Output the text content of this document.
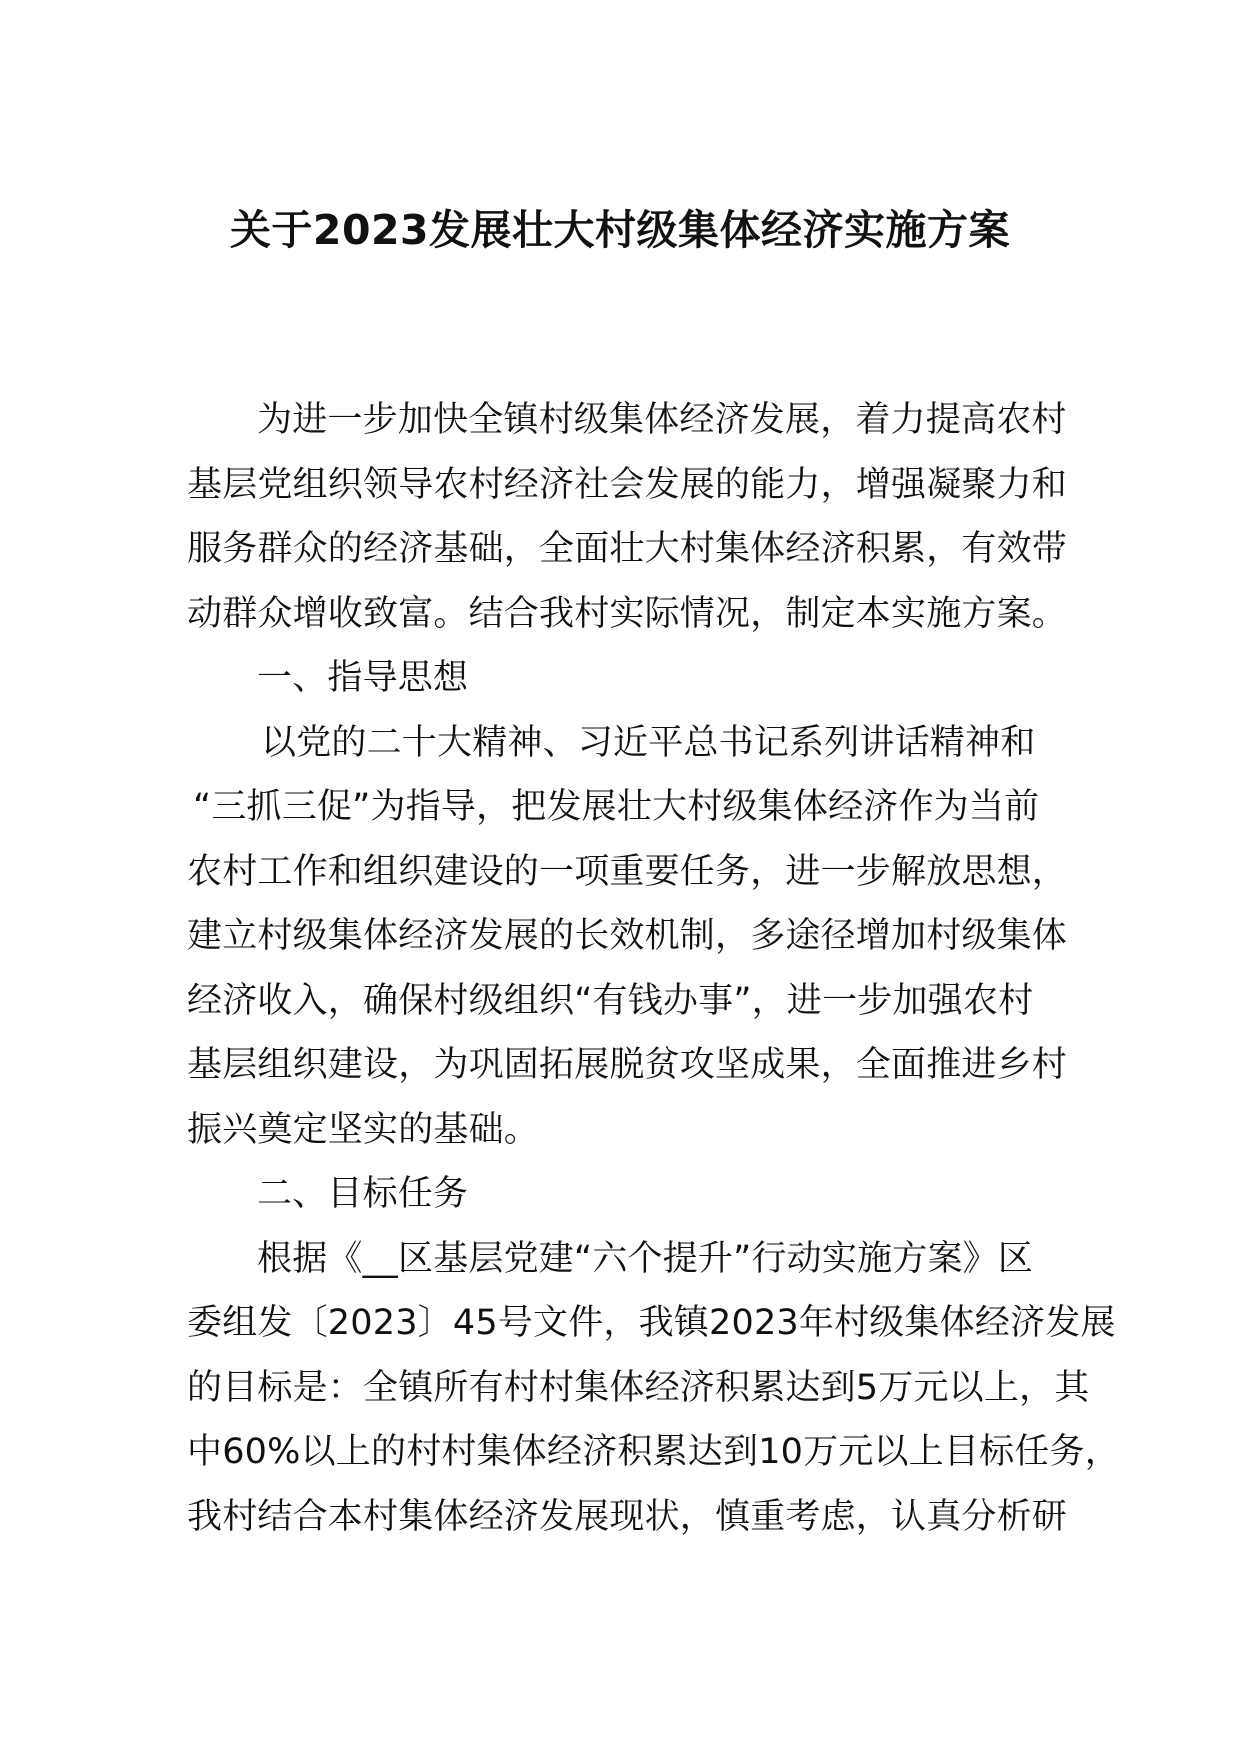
关于2023发展壮大村级集体经济实施方案
为进一步加快全镇村级集体经济发展，着力提高农村
基层党组织领导农村经济社会发展的能力，增强凝聚力和
服务群众的经济基础，全面壮大村集体经济积累，有效带
动群众增收致富。结合我村实际情况，制定本实施方案。
一、指导思想
以党的二十大精神、习近平总书记系列讲话精神和
“三抓三促”为指导，把发展壮大村级集体经济作为当前
农村工作和组织建设的一项重要任务，进一步解放思想，
建立村级集体经济发展的长效机制，多途径增加村级集体
经济收入，确保村级组织“有钱办事”，进一步加强农村
基层组织建设，为巩固拓展脱贫攻坚成果，全面推进乡村
振兴奠定坚实的基础。
二、目标任务
根据《__区基层党建“六个提升”行动实施方案》区
委组发〔2023〕45号文件，我镇2023年村级集体经济发展
的目标是：全镇所有村村集体经济积累达到5万元以上，其
中60%以上的村村集体经济积累达到10万元以上目标任务，
我村结合本村集体经济发展现状，慎重考虑，认真分析研
